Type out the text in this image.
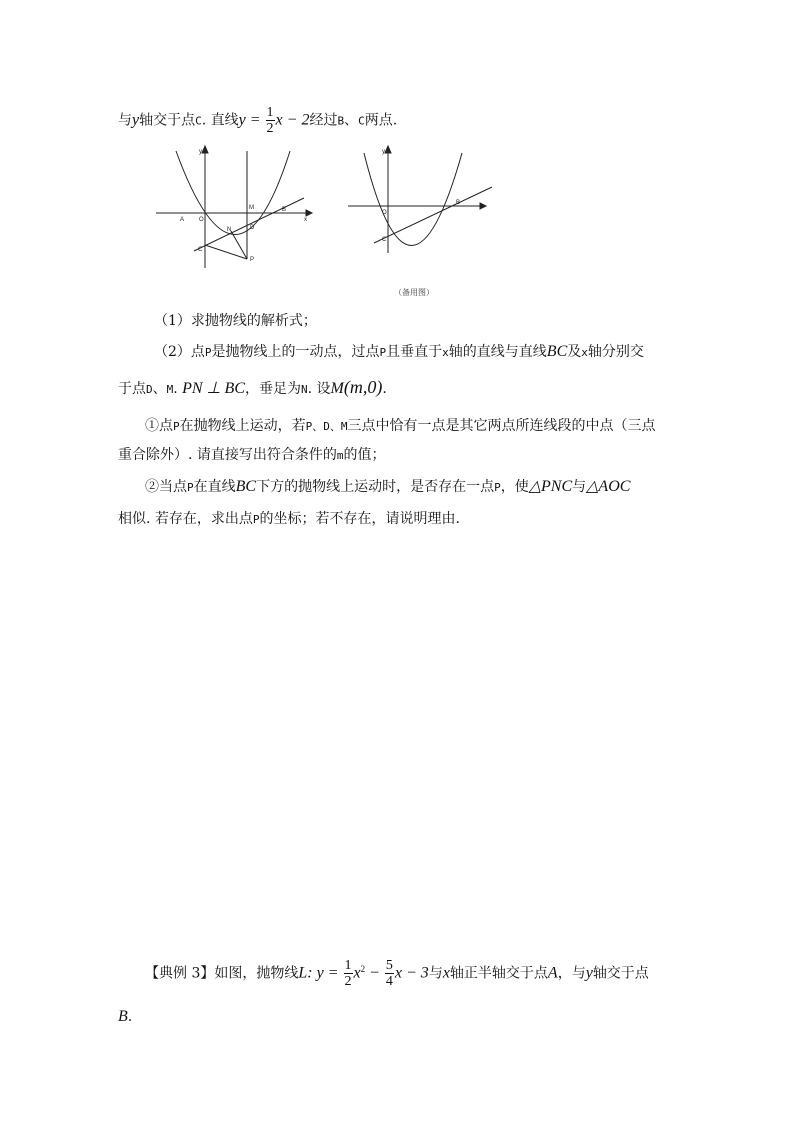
与y轴交于点C. 直线$y = \frac{1}{2}$ x − 2经过B、C两点.
y
O
A
B
C
M
D
N
P
x
y
O
B
C
（备用图）
（1）求抛物线的解析式；
（2）点P是抛物线上的一动点，过点P且垂直于x轴的直线与直线BC及x轴分别交
于点D、M. PN ⊥ BC，垂足为N. 设M(m,0).
①点P在抛物线上运动，若P、D、M三点中恰有一点是其它两点所连线段的中点（三点
重合除外）. 请直接写出符合条件的m的值；
②当点P在直线BC下方的抛物线上运动时，是否存在一点P，使△PNC与△AOC
相似. 若存在，求出点P的坐标；若不存在，请说明理由.
【典例 3】如图，抛物线L: $y = \frac{1}{2} x^2 - \frac{5}{4}$ x − 3与x轴正半轴交于点A，与y轴交于点
B.
